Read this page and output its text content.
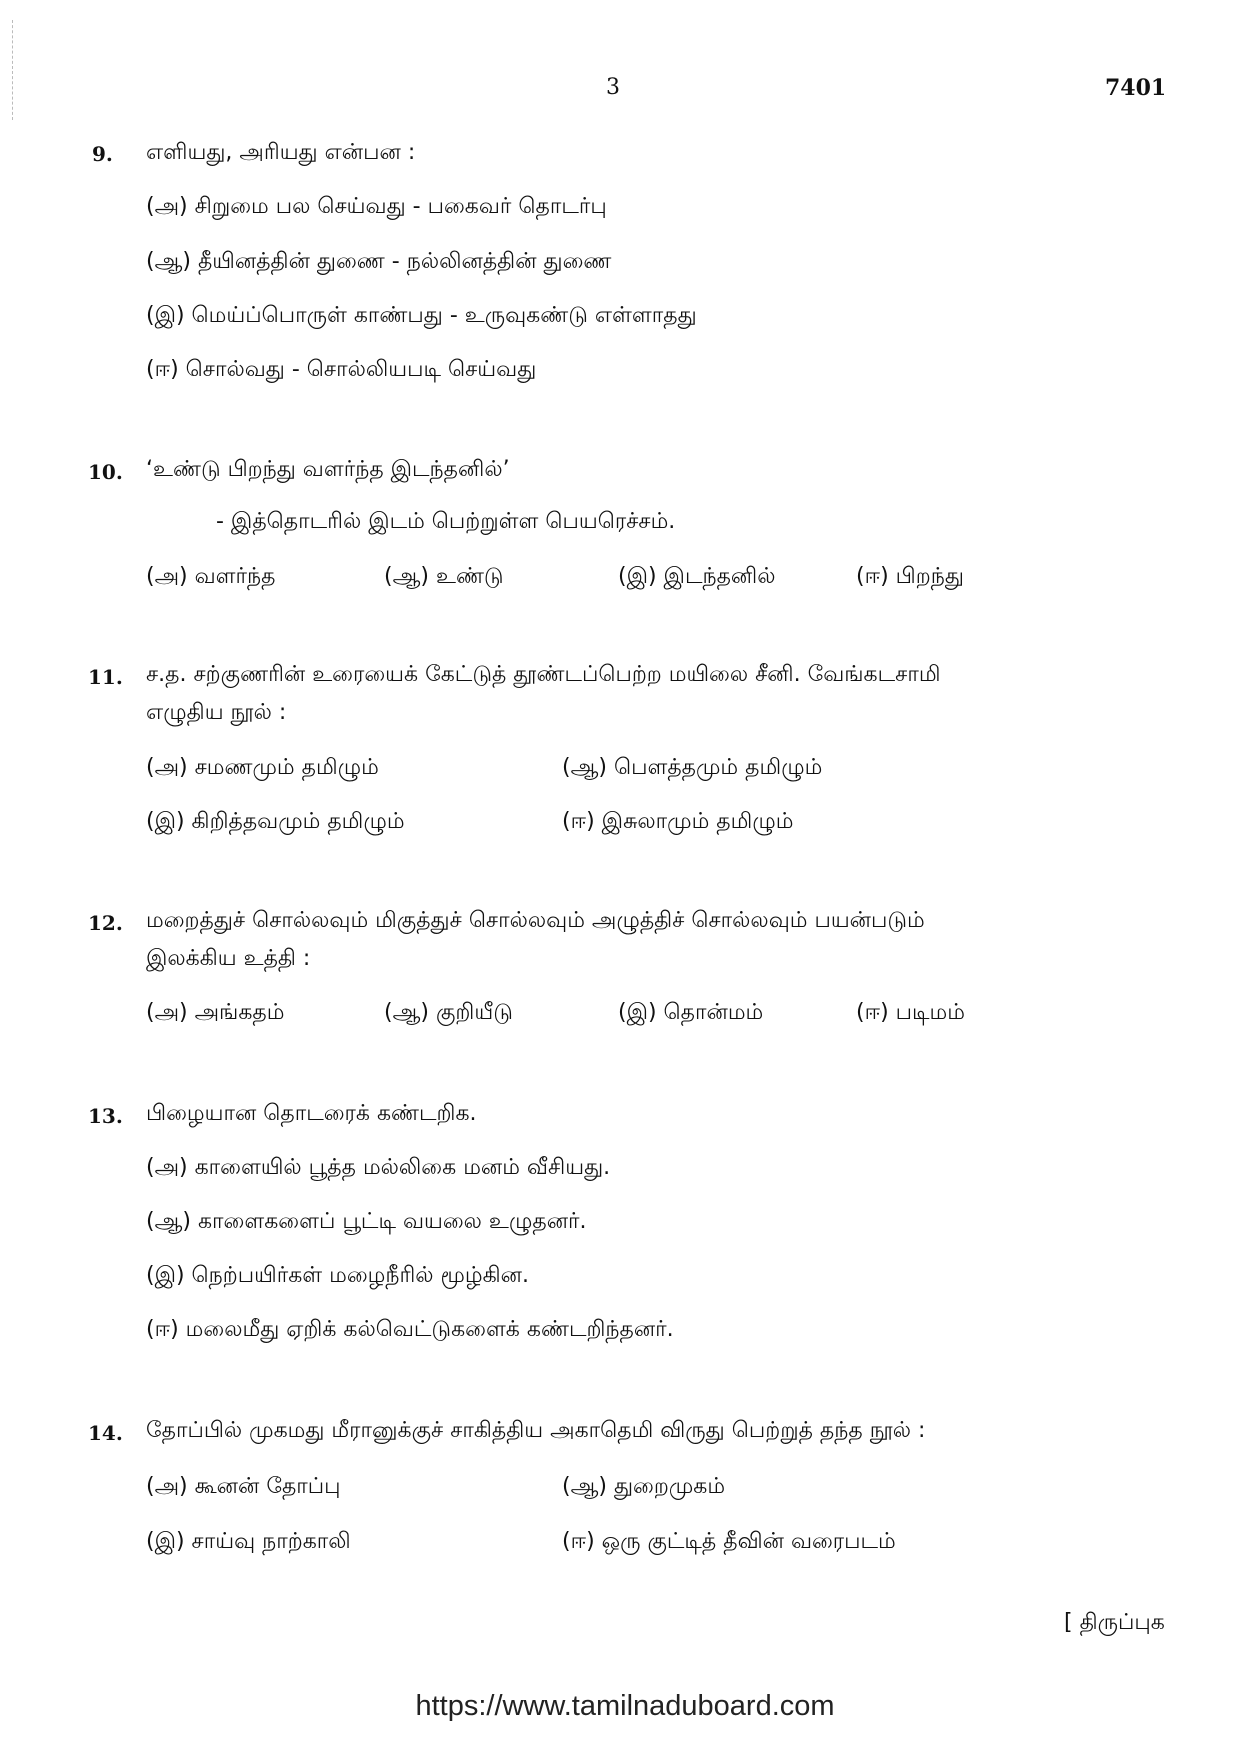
3	7401
9. எளியது, அரியது என்பன :
(அ) சிறுமை பல செய்வது - பகைவர் தொடர்பு
(ஆ) தீயினத்தின் துணை - நல்லினத்தின் துணை
(இ) மெய்ப்பொருள் காண்பது - உருவுகண்டு எள்ளாதது
(ஈ) சொல்வது - சொல்லியபடி செய்வது
10. ‘உண்டு பிறந்து வளர்ந்த இடந்தனில்’
- இத்தொடரில் இடம் பெற்றுள்ள பெயரெச்சம்.
(அ) வளர்ந்த	(ஆ) உண்டு	(இ) இடந்தனில்	(ஈ) பிறந்து
11. ச.த. சற்குணரின் உரையைக் கேட்டுத் தூண்டப்பெற்ற மயிலை சீனி. வேங்கடசாமி
எழுதிய நூல் :
(அ) சமணமும் தமிழும்	(ஆ) பௌத்தமும் தமிழும்
(இ) கிறித்தவமும் தமிழும்	(ஈ) இசுலாமும் தமிழும்
12. மறைத்துச் சொல்லவும் மிகுத்துச் சொல்லவும் அழுத்திச் சொல்லவும் பயன்படும்
இலக்கிய உத்தி :
(அ) அங்கதம்	(ஆ) குறியீடு	(இ) தொன்மம்	(ஈ) படிமம்
13. பிழையான தொடரைக் கண்டறிக.
(அ) காளையில் பூத்த மல்லிகை மனம் வீசியது.
(ஆ) காளைகளைப் பூட்டி வயலை உழுதனர்.
(இ) நெற்பயிர்கள் மழைநீரில் மூழ்கின.
(ஈ) மலைமீது ஏறிக் கல்வெட்டுகளைக் கண்டறிந்தனர்.
14. தோப்பில் முகமது மீரானுக்குச் சாகித்திய அகாதெமி விருது பெற்றுத் தந்த நூல் :
(அ) கூனன் தோப்பு	(ஆ) துறைமுகம்
(இ) சாய்வு நாற்காலி	(ஈ) ஒரு குட்டித் தீவின் வரைபடம்
[ திருப்புக
https://www.tamilnaduboard.com
